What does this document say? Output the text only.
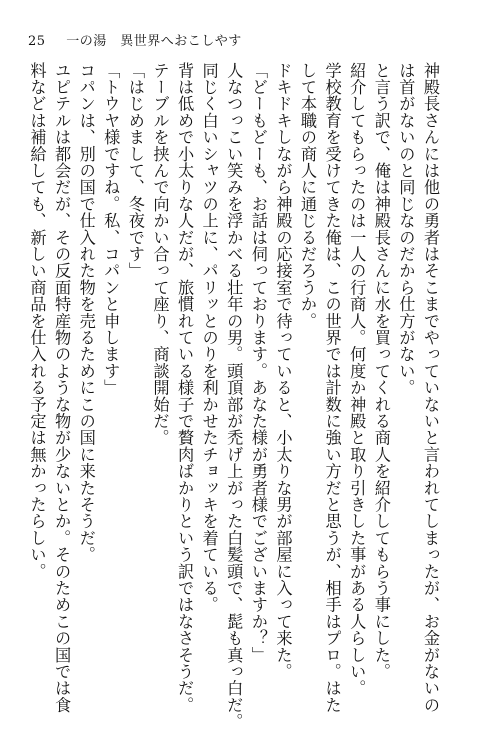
25 一の湯　異世界へおこしやす
神殿長さんには他の勇者はそこまでやっていないと言われてしまったが、お金がないの
は首がないのと同じなのだから仕方がない。
と言う訳で、俺は神殿長さんに水を買ってくれる商人を紹介してもらう事にした。
紹介してもらったのは一人の行商人。何度か神殿と取り引きした事がある人らしい。
学校教育を受けてきた俺は、この世界では計数に強い方だと思うが、相手はプロ。はた
して本職の商人に通じるだろうか。
ドキドキしながら神殿の応接室で待っていると、小太りな男が部屋に入って来た。
「どーもどーも、お話は伺っております。あなた様が勇者様でございますか？」
人なつっこい笑みを浮かべる壮年の男。頭頂部が禿げ上がった白髪頭で、髭も真っ白だ。
同じく白いシャツの上に、パリッとのりを利かせたチョッキを着ている。
背は低めで小太りな人だが、旅慣れている様子で贅肉ばかりという訳ではなさそうだ。
テーブルを挟んで向かい合って座り、商談開始だ。
「はじめまして、冬夜です」
「トウヤ様ですね。私、コパンと申します」
コパンは、別の国で仕入れた物を売るためにこの国に来たそうだ。
ユピテルは都会だが、その反面特産物のような物が少ないとか。そのためこの国では食
料などは補給しても、新しい商品を仕入れる予定は無かったらしい。
